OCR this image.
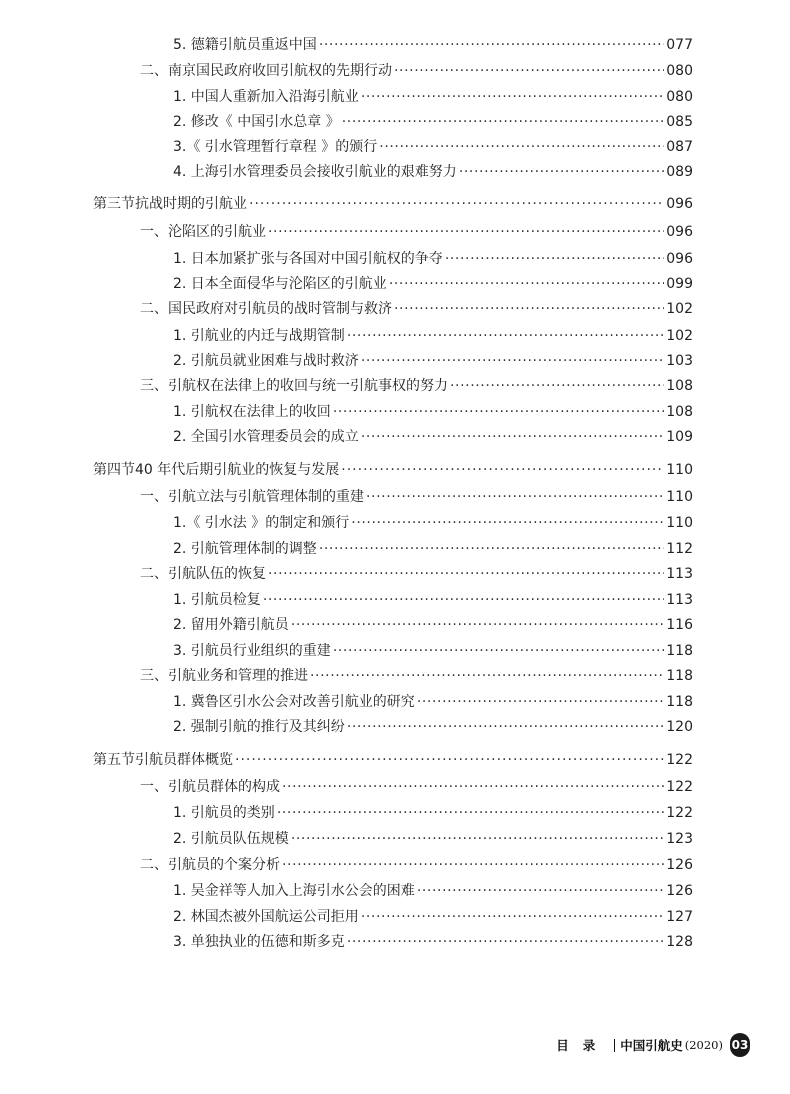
5. 德籍引航员重返中国 ·····	077
二、南京国民政府收回引航权的先期行动 ·····	080
1. 中国人重新加入沿海引航业 ·····	080
2. 修改《 中国引水总章 》 ·····	085
3.《 引水管理暂行章程 》的颁行 ·····	087
4. 上海引水管理委员会接收引航业的艰难努力 ·····	089
第三节抗战时期的引航业 ·····	096
一、沦陷区的引航业 ·····	096
1. 日本加紧扩张与各国对中国引航权的争夺 ·····	096
2. 日本全面侵华与沦陷区的引航业 ·····	099
二、国民政府对引航员的战时管制与救济 ·····	102
1. 引航业的内迁与战期管制 ·····	102
2. 引航员就业困难与战时救济 ·····	103
三、引航权在法律上的收回与统一引航事权的努力 ·····	108
1. 引航权在法律上的收回 ·····	108
2. 全国引水管理委员会的成立 ·····	109
第四节40 年代后期引航业的恢复与发展 ·····	110
一、引航立法与引航管理体制的重建 ·····	110
1.《 引水法 》的制定和颁行 ·····	110
2. 引航管理体制的调整 ·····	112
二、引航队伍的恢复 ·····	113
1. 引航员检复 ·····	113
2. 留用外籍引航员 ·····	116
3. 引航员行业组织的重建 ·····	118
三、引航业务和管理的推进 ·····	118
1. 冀鲁区引水公会对改善引航业的研究 ·····	118
2. 强制引航的推行及其纠纷 ·····	120
第五节引航员群体概览 ·····	122
一、引航员群体的构成 ·····	122
1. 引航员的类别 ·····	122
2. 引航员队伍规模 ·····	123
二、引航员的个案分析 ·····	126
1. 吴金祥等人加入上海引水公会的困难 ·····	126
2. 林国杰被外国航运公司拒用 ·····	127
3. 单独执业的伍德和斯多克 ·····	128
目录 中国引航史 (2020) 03
